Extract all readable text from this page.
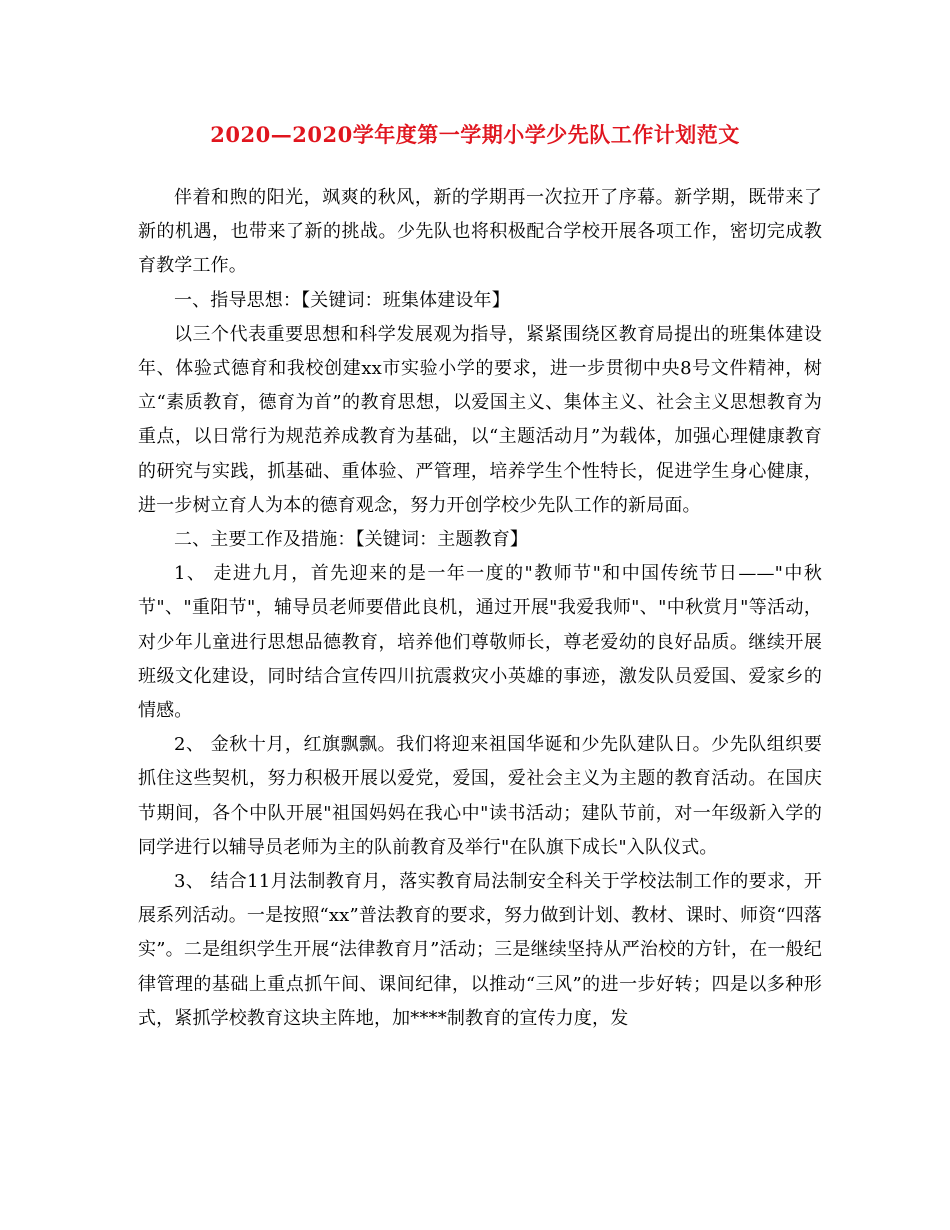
2020—2020学年度第一学期小学少先队工作计划范文

伴着和煦的阳光，飒爽的秋风，新的学期再一次拉开了序幕。新学期，既带来了新的机遇，也带来了新的挑战。少先队也将积极配合学校开展各项工作，密切完成教育教学工作。

一、指导思想：【关键词：班集体建设年】

以三个代表重要思想和科学发展观为指导，紧紧围绕区教育局提出的班集体建设年、体验式德育和我校创建xx市实验小学的要求，进一步贯彻中央8号文件精神，树立“素质教育，德育为首”的教育思想，以爱国主义、集体主义、社会主义思想教育为重点，以日常行为规范养成教育为基础，以“主题活动月”为载体，加强心理健康教育的研究与实践，抓基础、重体验、严管理，培养学生个性特长，促进学生身心健康，进一步树立育人为本的德育观念，努力开创学校少先队工作的新局面。

二、主要工作及措施：【关键词：主题教育】

1、 走进九月，首先迎来的是一年一度的"教师节"和中国传统节日——"中秋节"、"重阳节"，辅导员老师要借此良机，通过开展"我爱我师"、"中秋赏月"等活动，对少年儿童进行思想品德教育，培养他们尊敬师长，尊老爱幼的良好品质。继续开展班级文化建设，同时结合宣传四川抗震救灾小英雄的事迹，激发队员爱国、爱家乡的情感。

2、 金秋十月，红旗飘飘。我们将迎来祖国华诞和少先队建队日。少先队组织要抓住这些契机，努力积极开展以爱党，爱国，爱社会主义为主题的教育活动。在国庆节期间，各个中队开展"祖国妈妈在我心中"读书活动；建队节前，对一年级新入学的同学进行以辅导员老师为主的队前教育及举行"在队旗下成长"入队仪式。

3、 结合11月法制教育月，落实教育局法制安全科关于学校法制工作的要求，开展系列活动。一是按照“xx”普法教育的要求，努力做到计划、教材、课时、师资“四落实”。二是组织学生开展“法律教育月”活动；三是继续坚持从严治校的方针，在一般纪律管理的基础上重点抓午间、课间纪律，以推动“三风”的进一步好转；四是以多种形式，紧抓学校教育这块主阵地，加****制教育的宣传力度，发
